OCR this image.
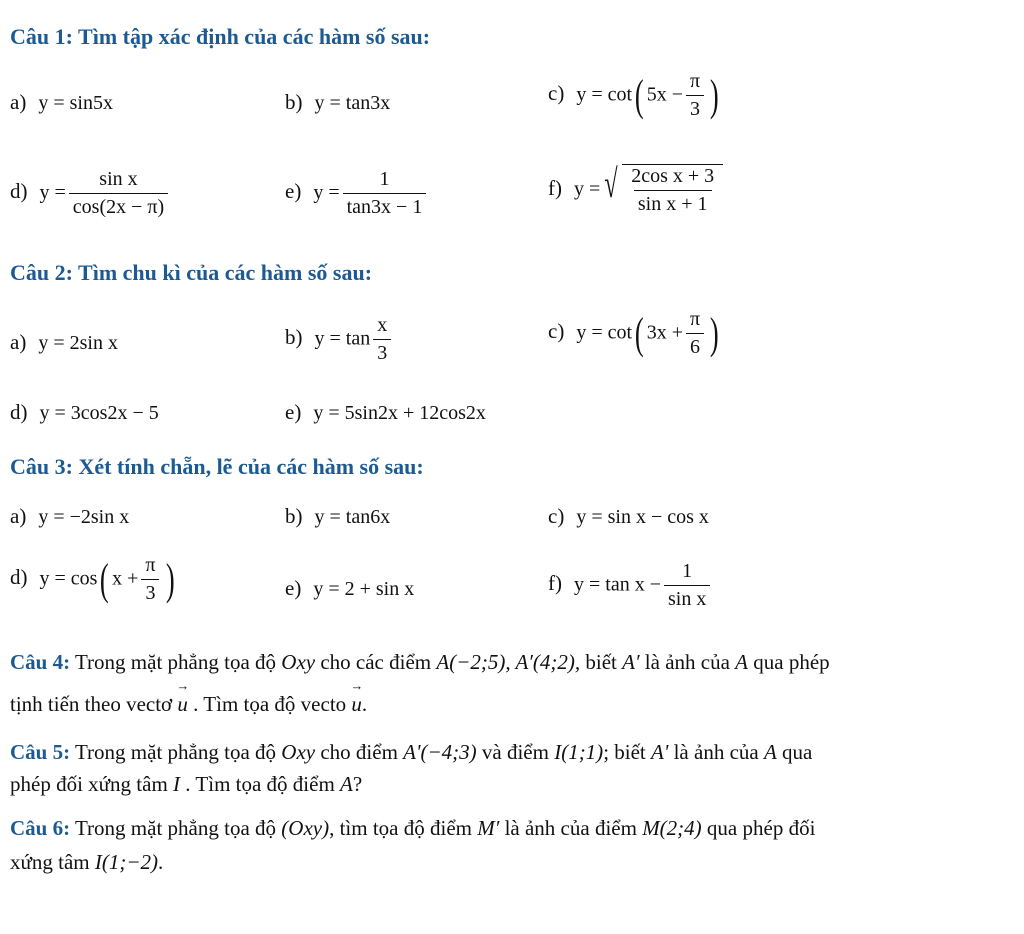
Câu 1: Tìm tập xác định của các hàm số sau:
a) y = sin5x	b) y = tan3x	c) y = cot( $5x - \frac{\pi}{3}$ )
d) $y = \frac{\text{sin x}}{\cos(2x - \pi)}$	e) $y = \frac{1}{\tan 3x - 1}$	f) y = √ $\frac{\text{2cos x + 3}}{\text{sin x + 1}}$
Câu 2: Tìm chu kì của các hàm số sau:
a) y = 2sin x	b) $y = \tan \frac{x}{3}$	c) y = cot( $3x + \frac{\pi}{6}$ )
d) y = 3cos2x − 5	e) y = 5sin2x + 12cos2x
Câu 3: Xét tính chẵn, lẽ của các hàm số sau:
a) y = −2sin x	b) y = tan6x	c) y = sin x − cos x
d) y = cos( $x + \frac{\pi}{3}$ )	e) y = 2 + sin x	f) $y = \tan x - \frac{1}{\text{sin x}}$
Câu 4: Trong mặt phẳng tọa độ Oxy cho các điểm A(−2;5), A′(4;2), biết A′ là ảnh của A qua phép
tịnh tiến theo vectơ → u . Tìm tọa độ vecto → u.
Câu 5: Trong mặt phẳng tọa độ Oxy cho điểm A'(−4;3) và điểm I(1;1); biết A' là ảnh của A qua
phép đối xứng tâm I . Tìm tọa độ điểm A?
Câu 6: Trong mặt phẳng tọa độ (Oxy), tìm tọa độ điểm M′ là ảnh của điểm M(2;4) qua phép đối
xứng tâm I(1;−2).
